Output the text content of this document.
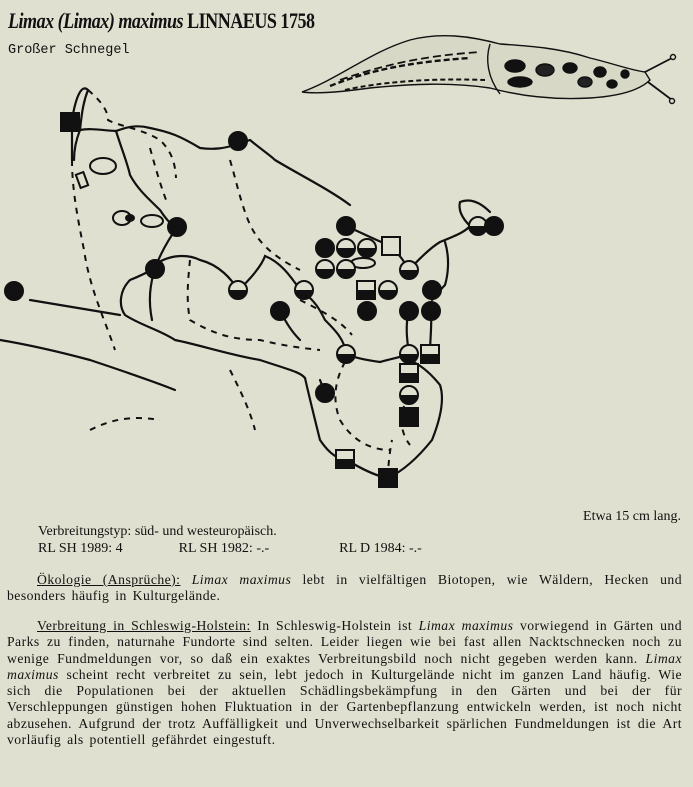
Limax (Limax) maximus LINNAEUS 1758
Großer Schnegel
Etwa 15 cm lang.
Verbreitungstyp: süd- und westeuropäisch.
RL SH 1989: 4	RL SH 1982: -.-	RL D 1984: -.-
Ökologie (Ansprüche): Limax maximus lebt in vielfältigen Biotopen, wie Wäldern, Hecken und besonders häufig in Kulturgelände.
Verbreitung in Schleswig-Holstein: In Schleswig-Holstein ist Limax maximus vorwiegend in Gärten und Parks zu finden, naturnahe Fundorte sind selten. Leider liegen wie bei fast allen Nacktschnecken noch zu wenige Fundmeldungen vor, so daß ein exaktes Verbreitungsbild noch nicht gegeben werden kann. Limax maximus scheint recht verbreitet zu sein, lebt jedoch in Kulturgelände nicht im ganzen Land häufig. Wie sich die Populationen bei der aktuellen Schädlingsbekämpfung in den Gärten und bei der für Verschleppungen günstigen hohen Fluktuation in der Gartenbepflanzung entwickeln werden, ist noch nicht abzusehen. Aufgrund der trotz Auffälligkeit und Unverwechselbarkeit spärlichen Fundmeldungen ist die Art vorläufig als potentiell gefährdet eingestuft.
